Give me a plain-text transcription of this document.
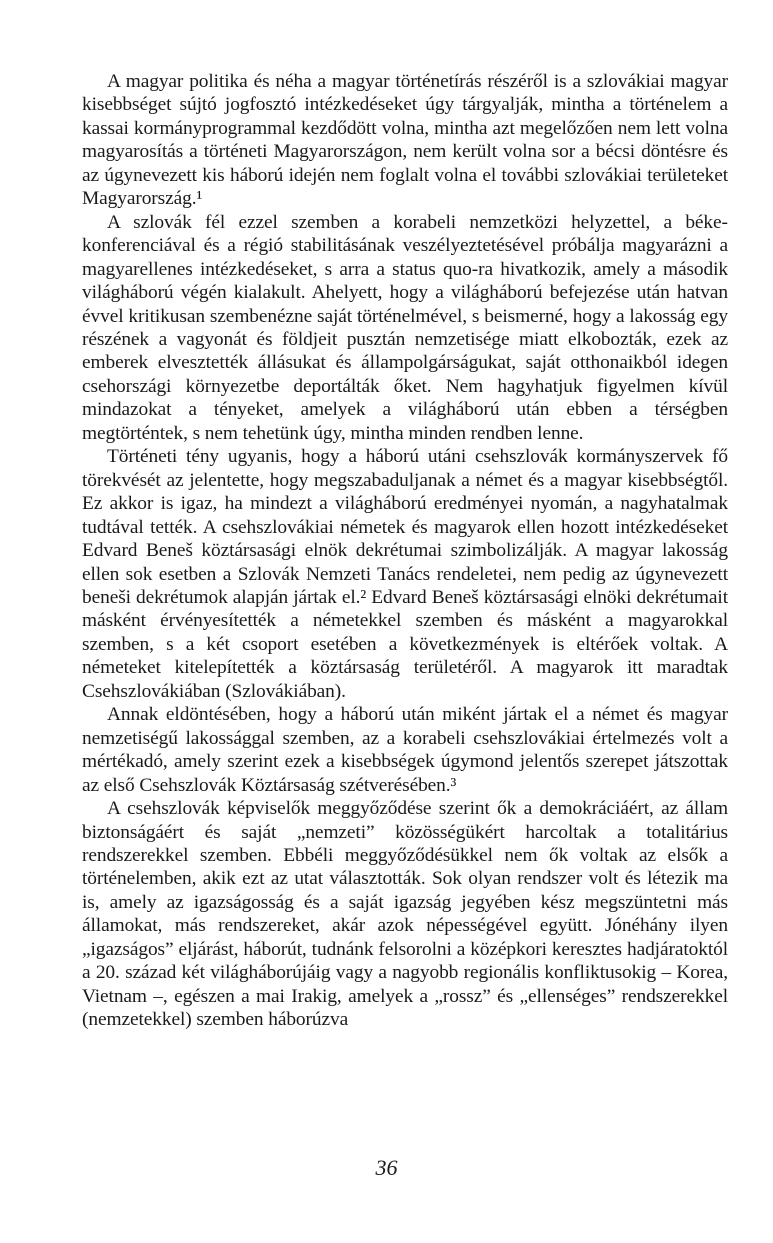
A magyar politika és néha a magyar történetírás részéről is a szlovákiai magyar kisebbséget sújtó jogfosztó intézkedéseket úgy tárgyalják, mintha a történelem a kassai kormányprogrammal kezdődött volna, mintha azt megelőzően nem lett volna magyarosítás a történeti Magyarországon, nem került volna sor a bécsi döntésre és az úgynevezett kis háború idején nem foglalt volna el további szlovákiai területeket Magyarország.¹

A szlovák fél ezzel szemben a korabeli nemzetközi helyzettel, a békekonferenciával és a régió stabilitásának veszélyeztetésével próbálja magyarázni a magyarellenes intézkedéseket, s arra a status quo-ra hivatkozik, amely a második világháború végén kialakult. Ahelyett, hogy a világháború befejezése után hatvan évvel kritikusan szembenézne saját történelmével, s beismerné, hogy a lakosság egy részének a vagyonát és földjeit pusztán nemzetisége miatt elkobozták, ezek az emberek elvesztették állásukat és állampolgárságukat, saját otthonaikból idegen csehországi környezetbe deportálták őket. Nem hagyhatjuk figyelmen kívül mindazokat a tényeket, amelyek a világháború után ebben a térségben megtörténtek, s nem tehetünk úgy, mintha minden rendben lenne.

Történeti tény ugyanis, hogy a háború utáni csehszlovák kormányszervek fő törekvését az jelentette, hogy megszabaduljanak a német és a magyar kisebbségtől. Ez akkor is igaz, ha mindezt a világháború eredményei nyomán, a nagyhatalmak tudtával tették. A csehszlovákiai németek és magyarok ellen hozott intézkedéseket Edvard Beneš köztársasági elnök dekrétumai szimbolizálják. A magyar lakosság ellen sok esetben a Szlovák Nemzeti Tanács rendeletei, nem pedig az úgynevezett beneši dekrétumok alapján jártak el.² Edvard Beneš köztársasági elnöki dekrétumait másként érvényesítették a németekkel szemben és másként a magyarokkal szemben, s a két csoport esetében a következmények is eltérőek voltak. A németeket kitelepítették a köztársaság területéről. A magyarok itt maradtak Csehszlovákiában (Szlovákiában).

Annak eldöntésében, hogy a háború után miként jártak el a német és magyar nemzetiségű lakossággal szemben, az a korabeli csehszlovákiai értelmezés volt a mértékadó, amely szerint ezek a kisebbségek úgymond jelentős szerepet játszottak az első Csehszlovák Köztársaság szétverésében.³

A csehszlovák képviselők meggyőződése szerint ők a demokráciáért, az állam biztonságáért és saját „nemzeti” közösségükért harcoltak a totalitárius rendszerekkel szemben. Ebbéli meggyőződésükkel nem ők voltak az elsők a történelemben, akik ezt az utat választották. Sok olyan rendszer volt és létezik ma is, amely az igazságosság és a saját igazság jegyében kész megszüntetni más államokat, más rendszereket, akár azok népességével együtt. Jónéhány ilyen „igazságos” eljárást, háborút, tudnánk felsorolni a középkori keresztes hadjáratoktól a 20. század két világháborújáig vagy a nagyobb regionális konfliktusokig – Korea, Vietnam –, egészen a mai Irakig, amelyek a „rossz” és „ellenséges” rendszerekkel (nemzetekkel) szemben háborúzva

36
